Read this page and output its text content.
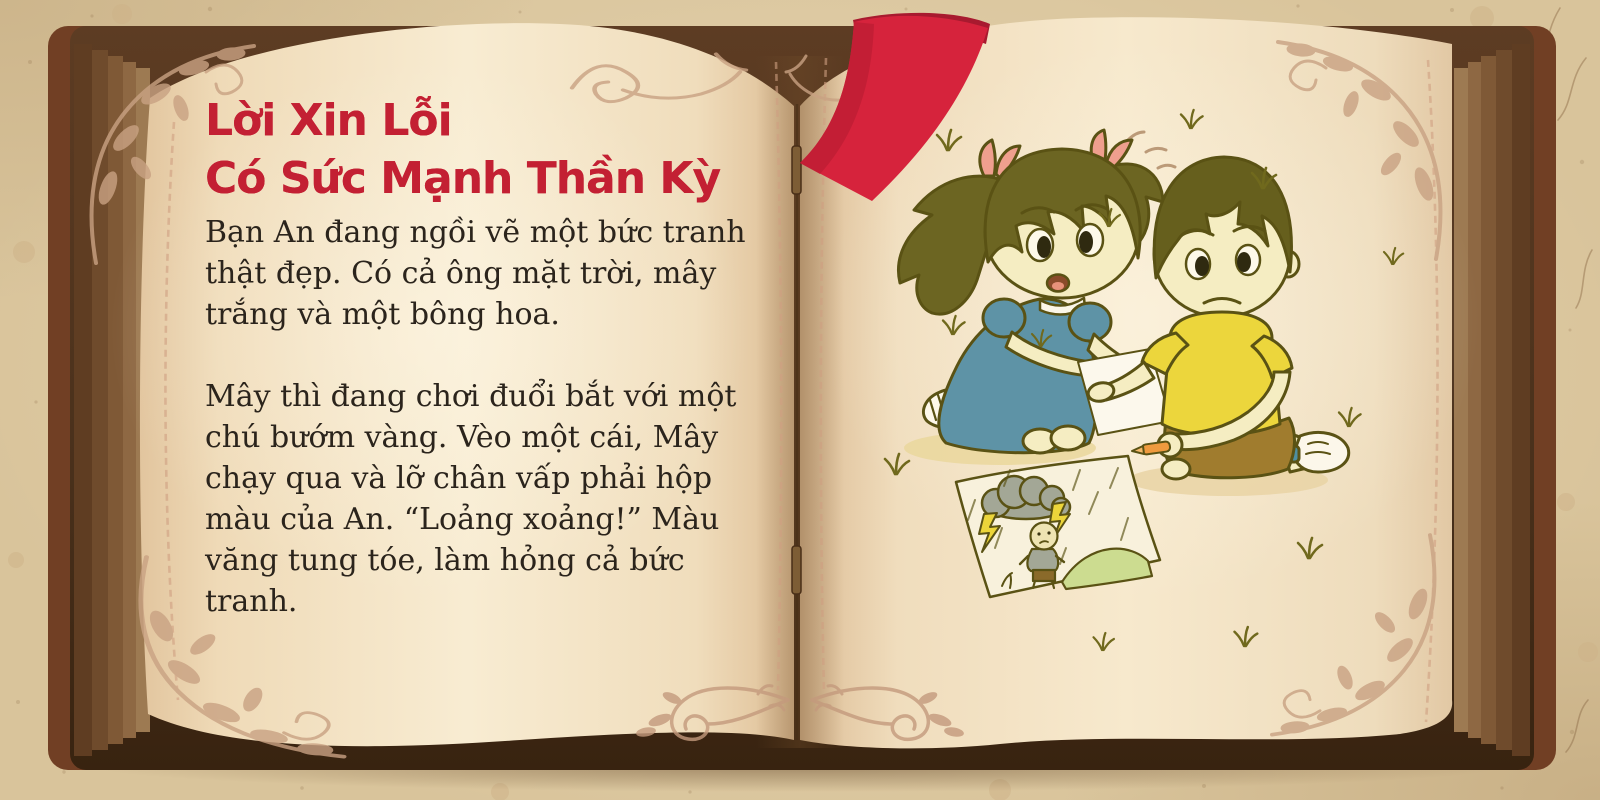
Lời Xin Lỗi
Có Sức Mạnh Thần Kỳ

Bạn An đang ngồi vẽ một bức tranh thật đẹp. Có cả ông mặt trời, mây trắng và một bông hoa.

Mây thì đang chơi đuổi bắt với một chú bướm vàng. Vèo một cái, Mây chạy qua và lỡ chân vấp phải hộp màu của An. “Loảng xoảng!” Màu văng tung tóe, làm hỏng cả bức tranh.
